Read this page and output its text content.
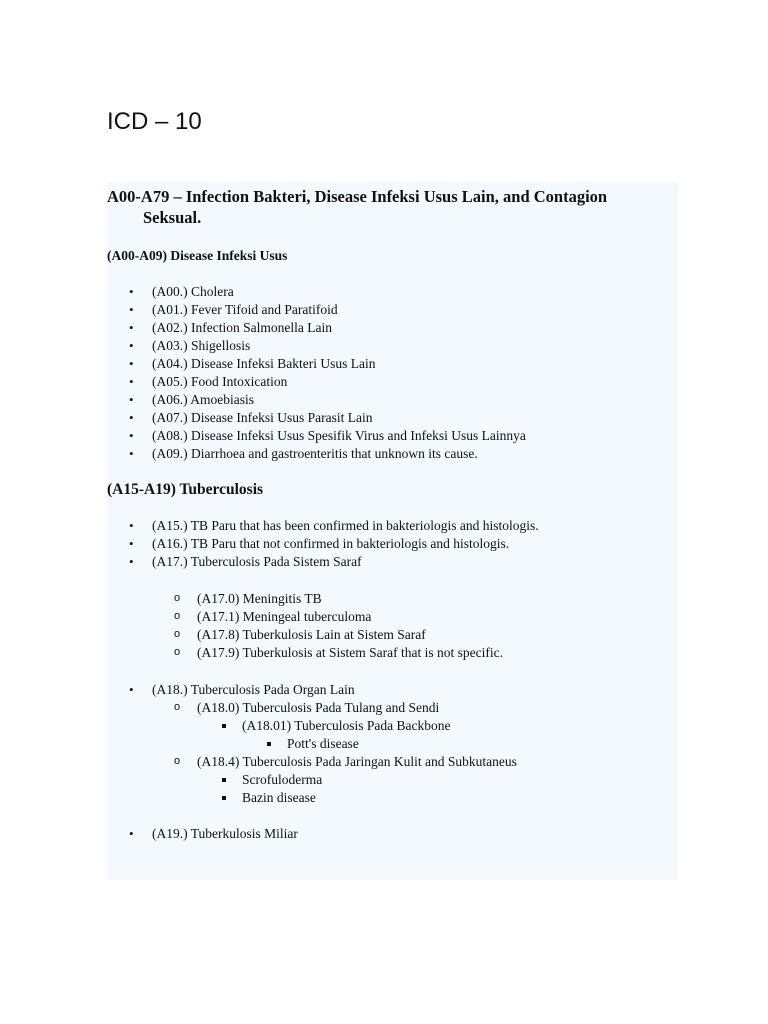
ICD – 10
A00-A79 – Infection Bakteri, Disease Infeksi Usus Lain, and Contagion
Seksual.
(A00-A09) Disease Infeksi Usus
• (A00.) Cholera
• (A01.) Fever Tifoid and Paratifoid
• (A02.) Infection Salmonella Lain
• (A03.) Shigellosis
• (A04.) Disease Infeksi Bakteri Usus Lain
• (A05.) Food Intoxication
• (A06.) Amoebiasis
• (A07.) Disease Infeksi Usus Parasit Lain
• (A08.) Disease Infeksi Usus Spesifik Virus and Infeksi Usus Lainnya
• (A09.) Diarrhoea and gastroenteritis that unknown its cause.
(A15-A19) Tuberculosis
• (A15.) TB Paru that has been confirmed in bakteriologis and histologis.
• (A16.) TB Paru that not confirmed in bakteriologis and histologis.
• (A17.) Tuberculosis Pada Sistem Saraf
o (A17.0) Meningitis TB
o (A17.1) Meningeal tuberculoma
o (A17.8) Tuberkulosis Lain at Sistem Saraf
o (A17.9) Tuberkulosis at Sistem Saraf that is not specific.
• (A18.) Tuberculosis Pada Organ Lain
o (A18.0) Tuberculosis Pada Tulang and Sendi
(A18.01) Tuberculosis Pada Backbone
Pott's disease
o (A18.4) Tuberculosis Pada Jaringan Kulit and Subkutaneus
Scrofuloderma
Bazin disease
• (A19.) Tuberkulosis Miliar
